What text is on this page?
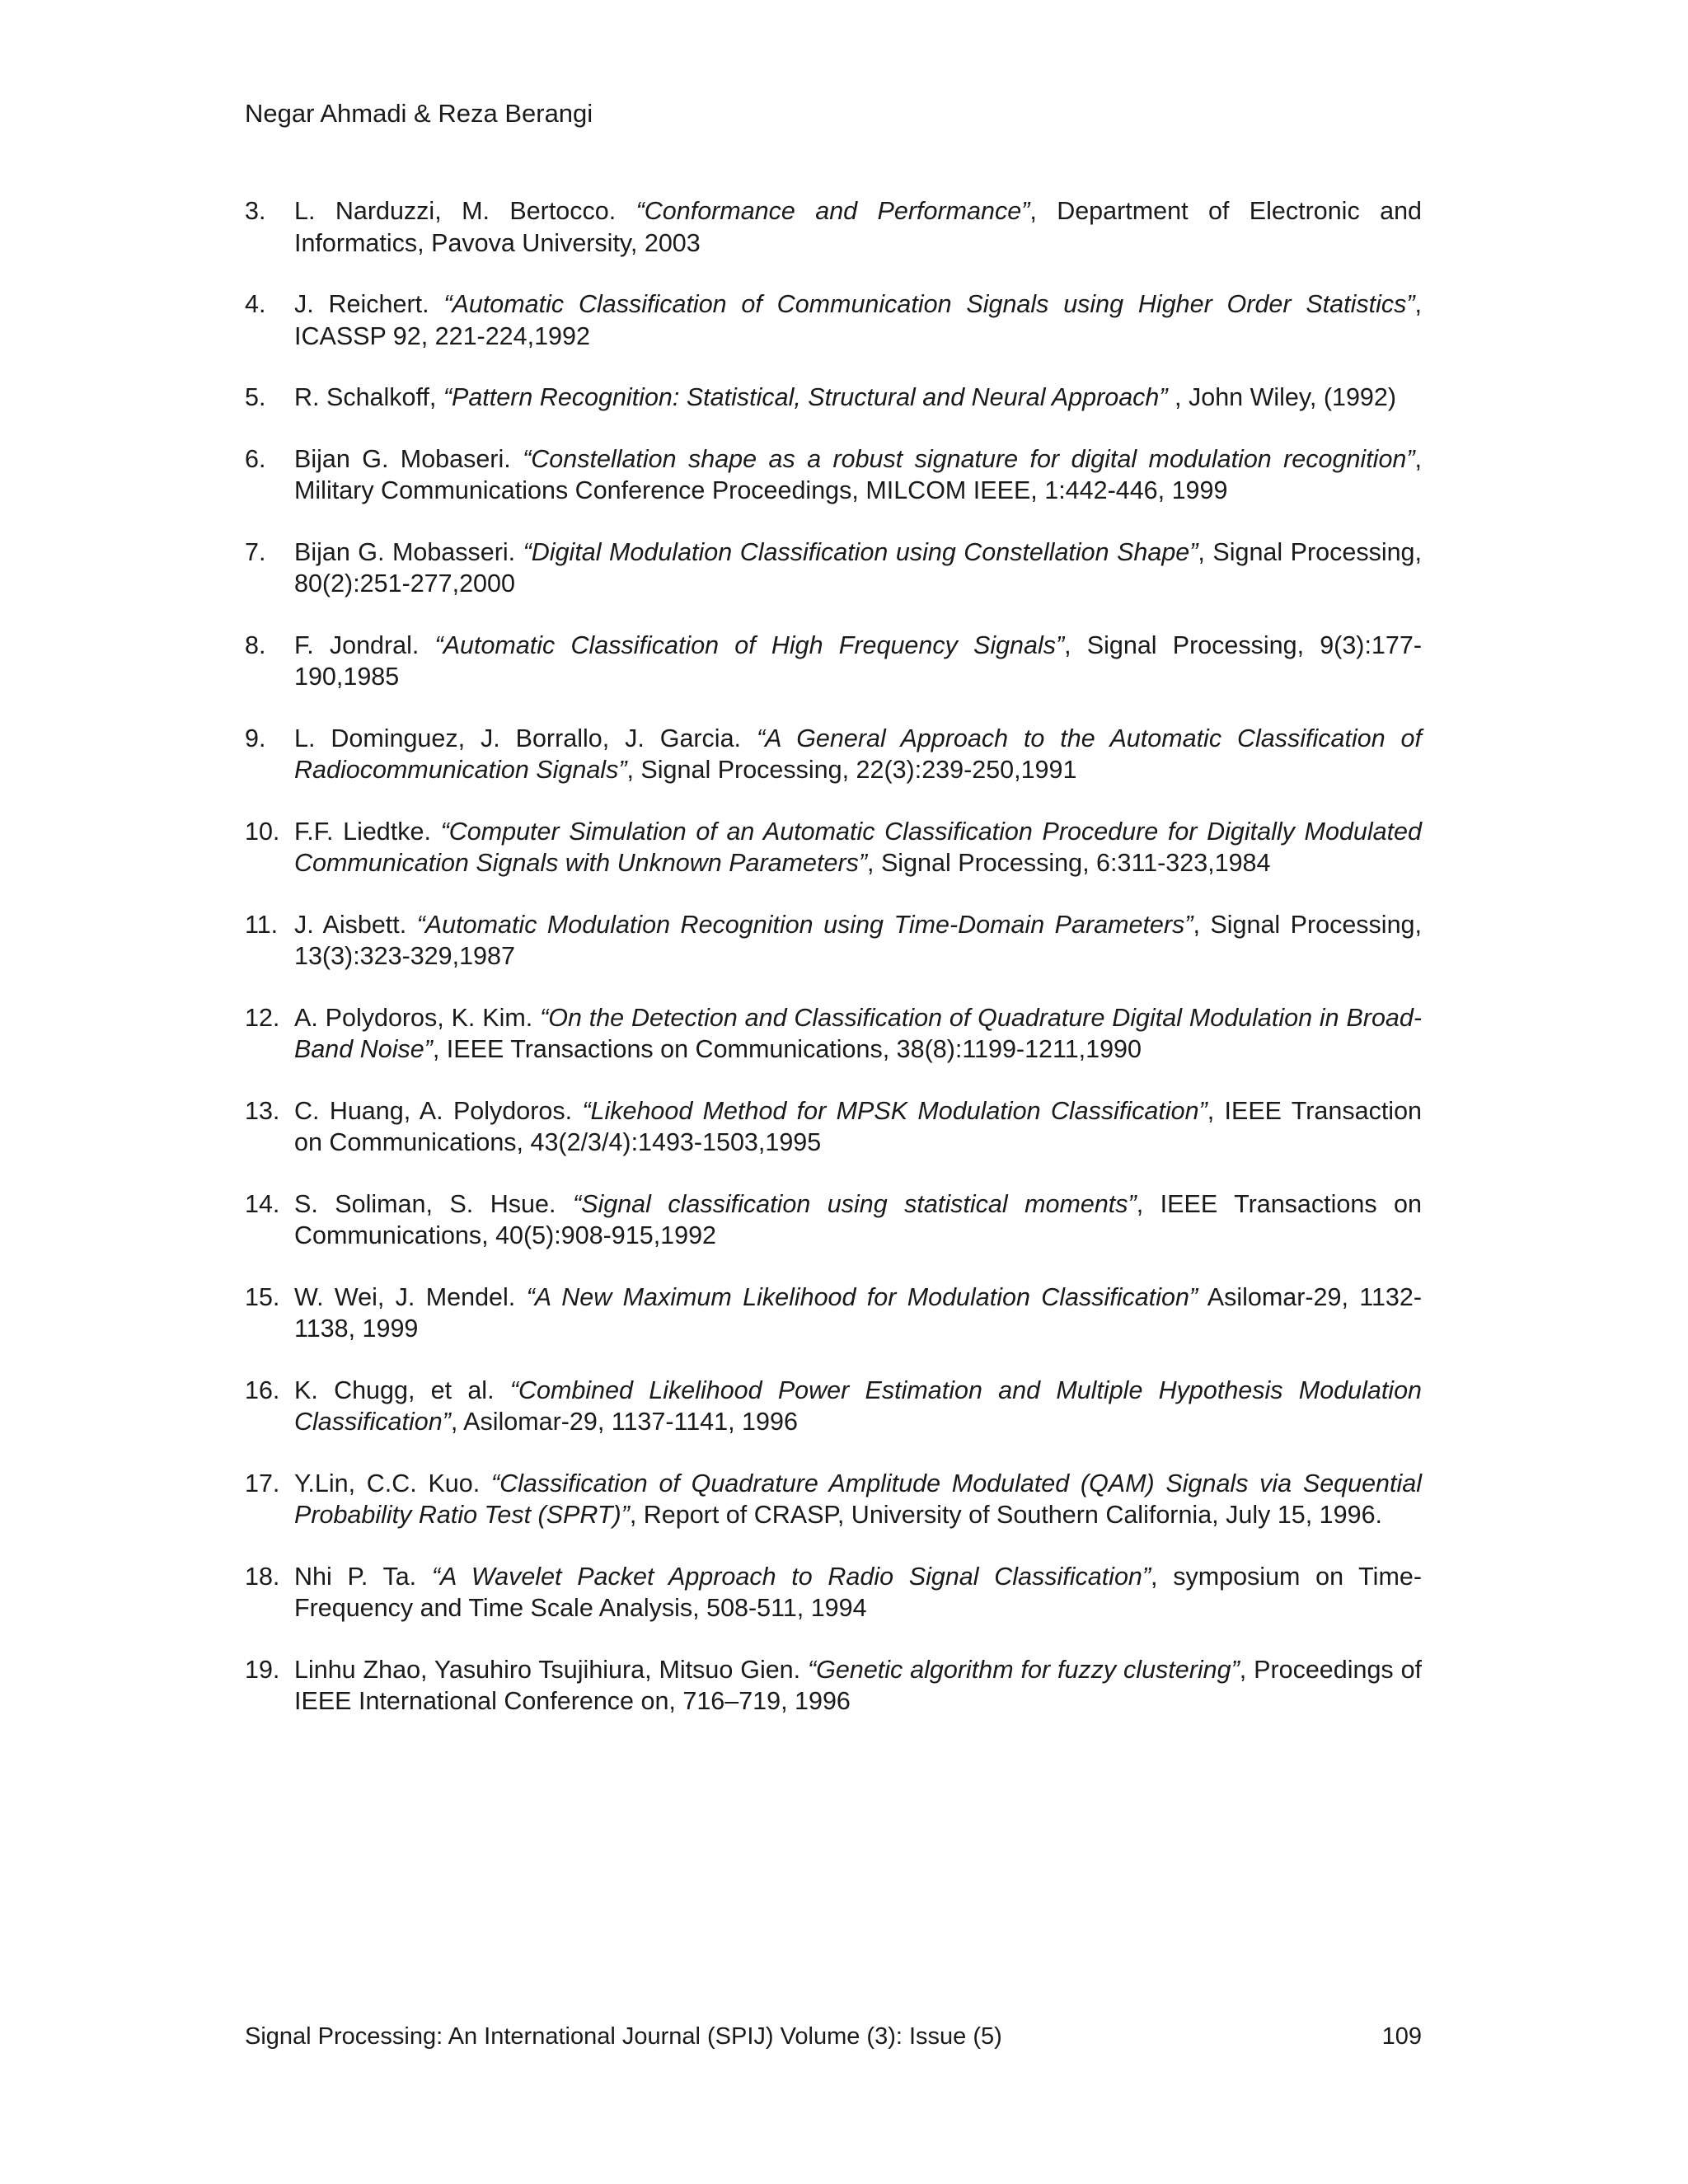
Negar Ahmadi & Reza Berangi
3. L. Narduzzi, M. Bertocco. “Conformance and Performance”, Department of Electronic and Informatics, Pavova University, 2003
4. J. Reichert. “Automatic Classification of Communication Signals using Higher Order Statistics”, ICASSP 92, 221-224,1992
5. R. Schalkoff, “Pattern Recognition: Statistical, Structural and Neural Approach” , John Wiley, (1992)
6. Bijan G. Mobaseri. “Constellation shape as a robust signature for digital modulation recognition”, Military Communications Conference Proceedings, MILCOM IEEE, 1:442-446, 1999
7. Bijan G. Mobasseri. “Digital Modulation Classification using Constellation Shape”, Signal Processing, 80(2):251-277,2000
8. F. Jondral. “Automatic Classification of High Frequency Signals”, Signal Processing, 9(3):177-190,1985
9. L. Dominguez, J. Borrallo, J. Garcia. “A General Approach to the Automatic Classification of Radiocommunication Signals”, Signal Processing, 22(3):239-250,1991
10. F.F. Liedtke. “Computer Simulation of an Automatic Classification Procedure for Digitally Modulated Communication Signals with Unknown Parameters”, Signal Processing, 6:311-323,1984
11. J. Aisbett. “Automatic Modulation Recognition using Time-Domain Parameters”, Signal Processing, 13(3):323-329,1987
12. A. Polydoros, K. Kim. “On the Detection and Classification of Quadrature Digital Modulation in Broad-Band Noise”, IEEE Transactions on Communications, 38(8):1199-1211,1990
13. C. Huang, A. Polydoros. “Likehood Method for MPSK Modulation Classification”, IEEE Transaction on Communications, 43(2/3/4):1493-1503,1995
14. S. Soliman, S. Hsue. “Signal classification using statistical moments”, IEEE Transactions on Communications, 40(5):908-915,1992
15. W. Wei, J. Mendel. “A New Maximum Likelihood for Modulation Classification” Asilomar-29, 1132-1138, 1999
16. K. Chugg, et al. “Combined Likelihood Power Estimation and Multiple Hypothesis Modulation Classification”, Asilomar-29, 1137-1141, 1996
17. Y.Lin, C.C. Kuo. “Classification of Quadrature Amplitude Modulated (QAM) Signals via Sequential Probability Ratio Test (SPRT)”, Report of CRASP, University of Southern California, July 15, 1996.
18. Nhi P. Ta. “A Wavelet Packet Approach to Radio Signal Classification”, symposium on Time-Frequency and Time Scale Analysis, 508-511, 1994
19. Linhu Zhao, Yasuhiro Tsujihiura, Mitsuo Gien. “Genetic algorithm for fuzzy clustering”, Proceedings of IEEE International Conference on, 716–719, 1996
Signal Processing: An International Journal (SPIJ) Volume (3): Issue (5)	109
